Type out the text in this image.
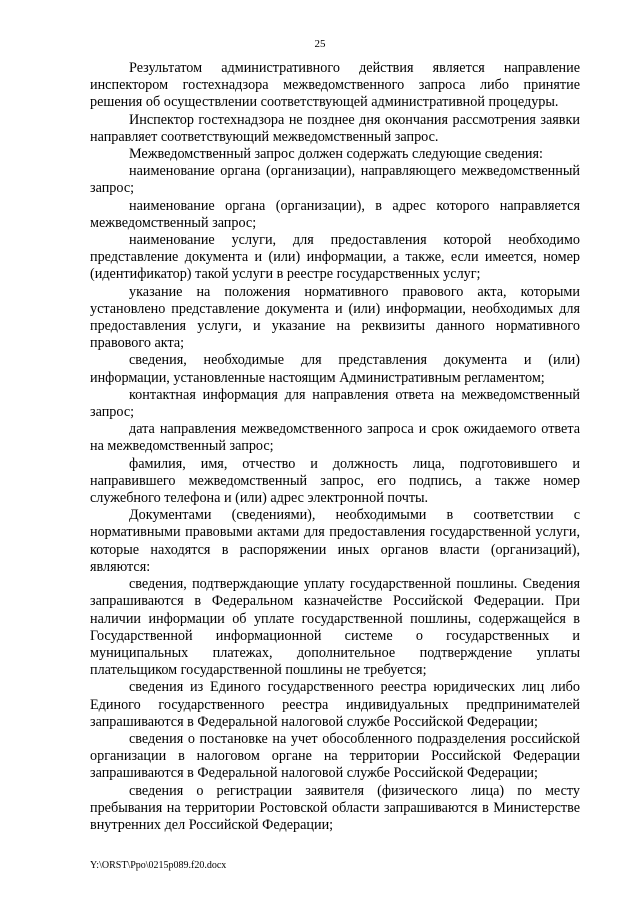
25

Результатом административного действия является направление инспектором гостехнадзора межведомственного запроса либо принятие решения об осуществлении соответствующей административной процедуры.

Инспектор гостехнадзора не позднее дня окончания рассмотрения заявки направляет соответствующий межведомственный запрос.

Межведомственный запрос должен содержать следующие сведения:

наименование органа (организации), направляющего межведомственный запрос;

наименование органа (организации), в адрес которого направляется межведомственный запрос;

наименование услуги, для предоставления которой необходимо представление документа и (или) информации, а также, если имеется, номер (идентификатор) такой услуги в реестре государственных услуг;

указание на положения нормативного правового акта, которыми установлено представление документа и (или) информации, необходимых для предоставления услуги, и указание на реквизиты данного нормативного правового акта;

сведения, необходимые для представления документа и (или) информации, установленные настоящим Административным регламентом;

контактная информация для направления ответа на межведомственный запрос;

дата направления межведомственного запроса и срок ожидаемого ответа на межведомственный запрос;

фамилия, имя, отчество и должность лица, подготовившего и направившего межведомственный запрос, его подпись, а также номер служебного телефона и (или) адрес электронной почты.

Документами (сведениями), необходимыми в соответствии с нормативными правовыми актами для предоставления государственной услуги, которые находятся в распоряжении иных органов власти (организаций), являются:

сведения, подтверждающие уплату государственной пошлины. Сведения запрашиваются в Федеральном казначействе Российской Федерации. При наличии информации об уплате государственной пошлины, содержащейся в Государственной информационной системе о государственных и муниципальных платежах, дополнительное подтверждение уплаты плательщиком государственной пошлины не требуется;

сведения из Единого государственного реестра юридических лиц либо Единого государственного реестра индивидуальных предпринимателей запрашиваются в Федеральной налоговой службе Российской Федерации;

сведения о постановке на учет обособленного подразделения российской организации в налоговом органе на территории Российской Федерации запрашиваются в Федеральной налоговой службе Российской Федерации;

сведения о регистрации заявителя (физического лица) по месту пребывания на территории Ростовской области запрашиваются в Министерстве внутренних дел Российской Федерации;

Y:\ORST\Ppo\0215p089.f20.docx
